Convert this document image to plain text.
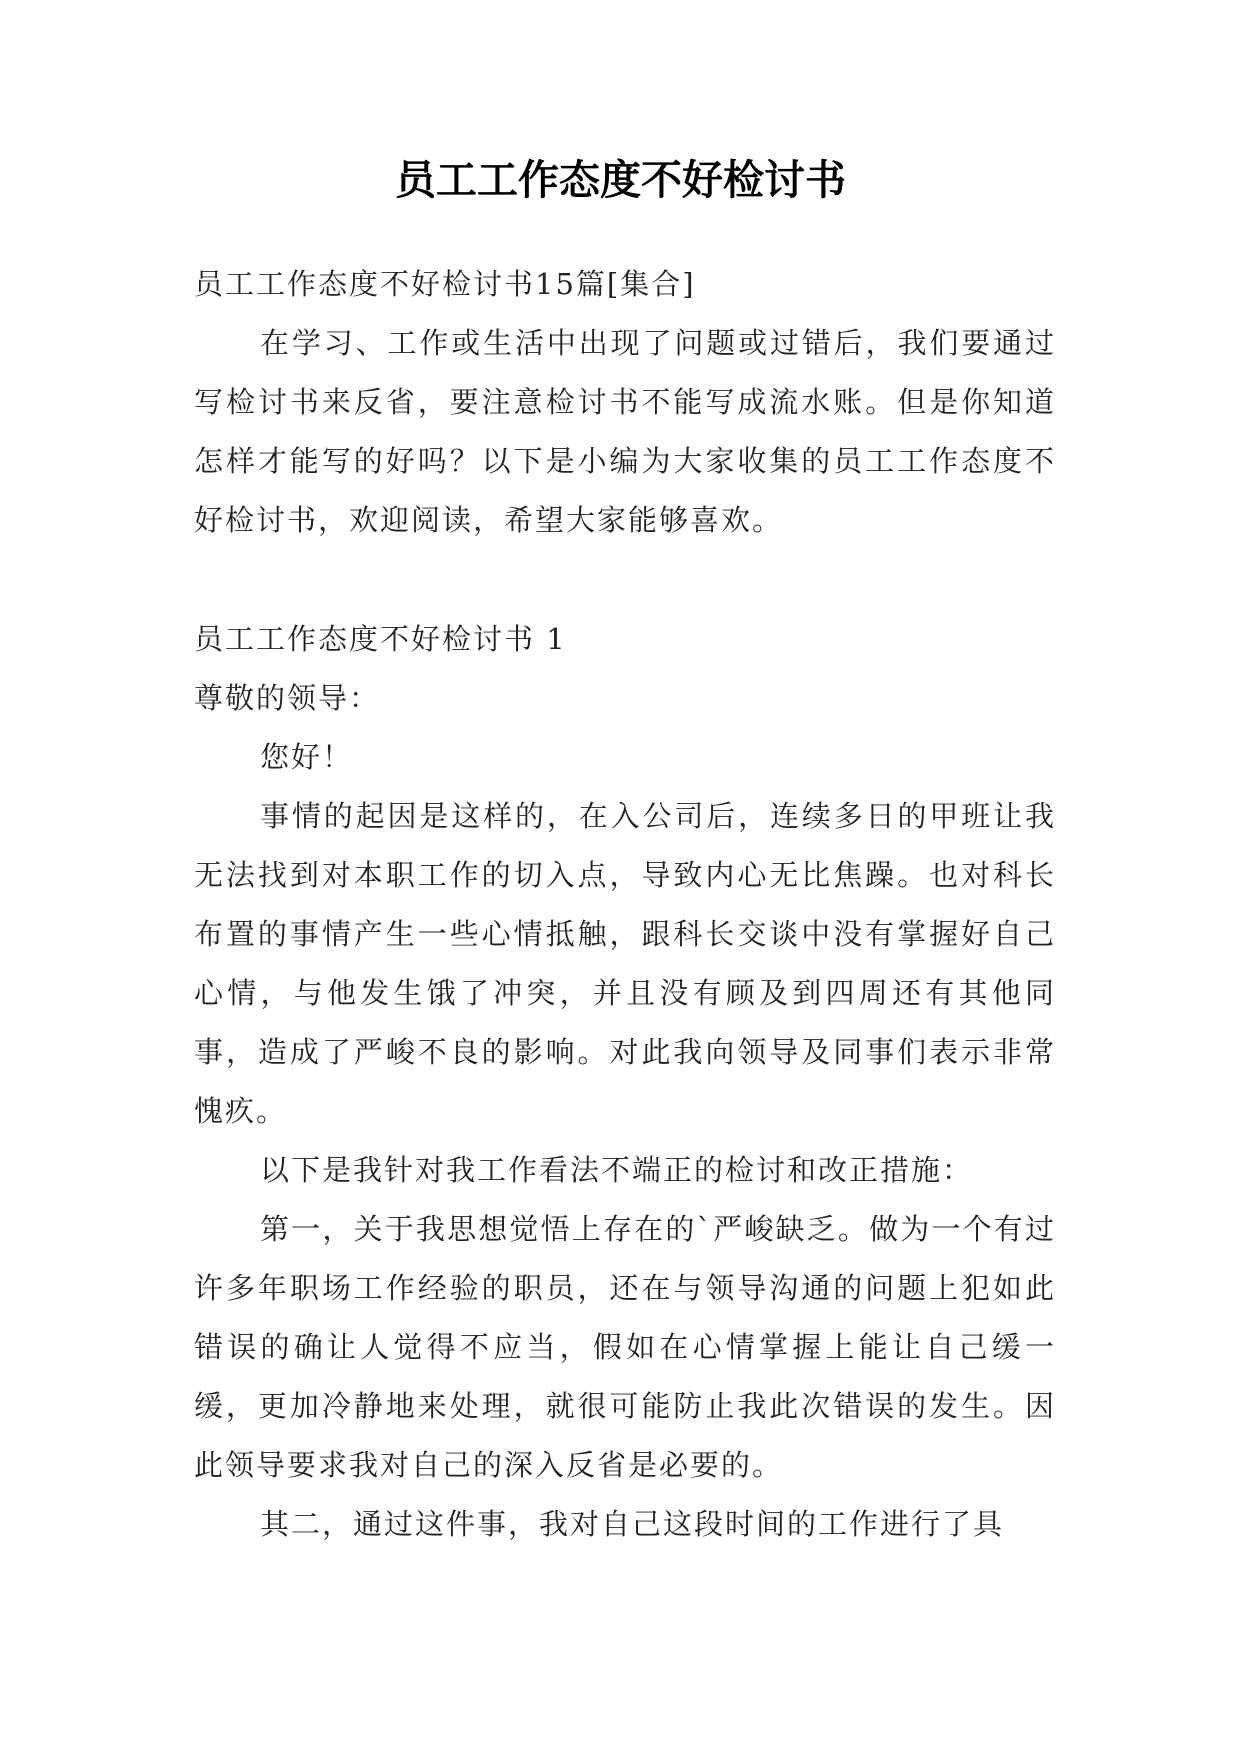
员工工作态度不好检讨书
员工工作态度不好检讨书15篇[集合]
在学习、工作或生活中出现了问题或过错后，我们要通过写检讨书来反省，要注意检讨书不能写成流水账。但是你知道怎样才能写的好吗？以下是小编为大家收集的员工工作态度不好检讨书，欢迎阅读，希望大家能够喜欢。
员工工作态度不好检讨书 1
尊敬的领导：
您好！
事情的起因是这样的，在入公司后，连续多日的甲班让我无法找到对本职工作的切入点，导致内心无比焦躁。也对科长布置的事情产生一些心情抵触，跟科长交谈中没有掌握好自己心情，与他发生饿了冲突，并且没有顾及到四周还有其他同事，造成了严峻不良的影响。对此我向领导及同事们表示非常愧疚。
以下是我针对我工作看法不端正的检讨和改正措施：
第一，关于我思想觉悟上存在的`严峻缺乏。做为一个有过许多年职场工作经验的职员，还在与领导沟通的问题上犯如此错误的确让人觉得不应当，假如在心情掌握上能让自己缓一缓，更加冷静地来处理，就很可能防止我此次错误的发生。因此领导要求我对自己的深入反省是必要的。
其二，通过这件事，我对自己这段时间的工作进行了具
